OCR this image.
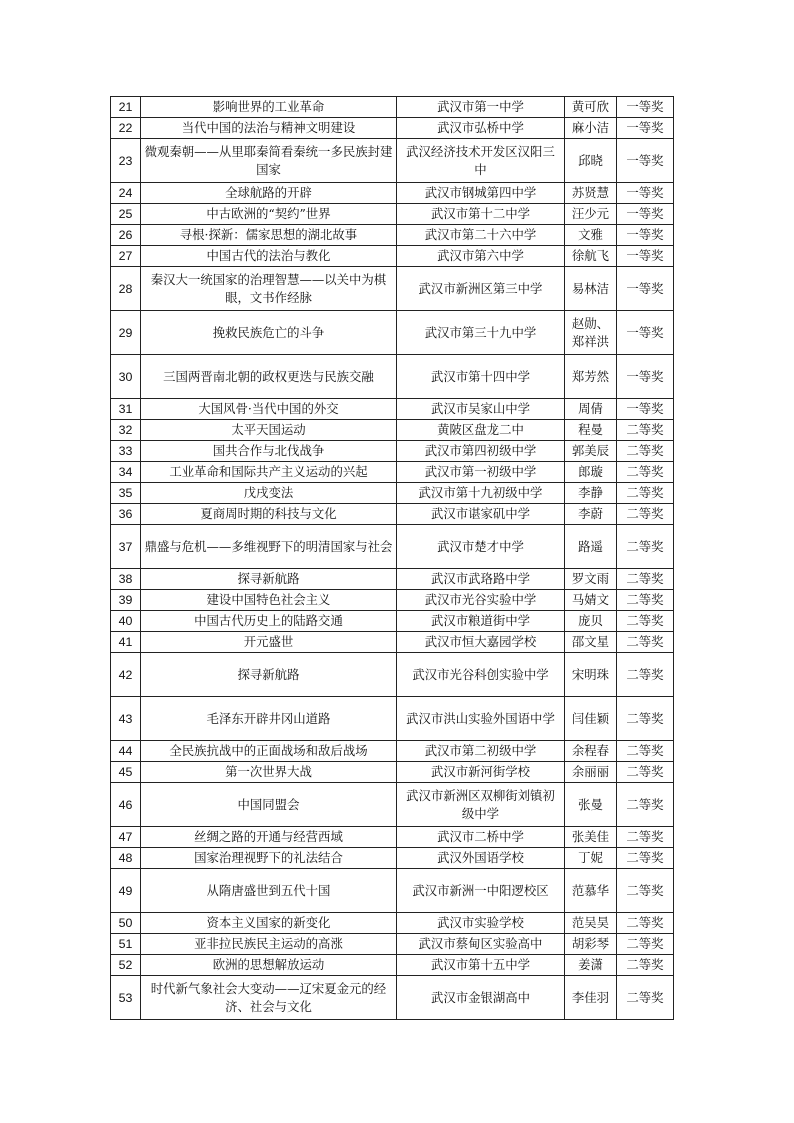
21	影响世界的工业革命	武汉市第一中学	黄可欣	一等奖
22	当代中国的法治与精神文明建设	武汉市弘桥中学	麻小洁	一等奖
23	微观秦朝——从里耶秦简看秦统一多民族封建国家	武汉经济技术开发区汉阳三中	邱晓	一等奖
24	全球航路的开辟	武汉市钢城第四中学	苏贤慧	一等奖
25	中古欧洲的“契约”世界	武汉市第十二中学	汪少元	一等奖
26	寻根·探新：儒家思想的湖北故事	武汉市第二十六中学	文雅	一等奖
27	中国古代的法治与教化	武汉市第六中学	徐航飞	一等奖
28	秦汉大一统国家的治理智慧——以关中为棋眼，文书作经脉	武汉市新洲区第三中学	易林洁	一等奖
29	挽救民族危亡的斗争	武汉市第三十九中学	赵勋、郑祥洪	一等奖
30	三国两晋南北朝的政权更迭与民族交融	武汉市第十四中学	郑芳然	一等奖
31	大国风骨·当代中国的外交	武汉市吴家山中学	周倩	一等奖
32	太平天国运动	黄陂区盘龙二中	程曼	二等奖
33	国共合作与北伐战争	武汉市第四初级中学	郭美辰	二等奖
34	工业革命和国际共产主义运动的兴起	武汉市第一初级中学	郎璇	二等奖
35	戊戌变法	武汉市第十九初级中学	李静	二等奖
36	夏商周时期的科技与文化	武汉市谌家矶中学	李蔚	二等奖
37	鼎盛与危机——多维视野下的明清国家与社会	武汉市楚才中学	路遥	二等奖
38	探寻新航路	武汉市武珞路中学	罗文雨	二等奖
39	建设中国特色社会主义	武汉市光谷实验中学	马婧文	二等奖
40	中国古代历史上的陆路交通	武汉市粮道街中学	庞贝	二等奖
41	开元盛世	武汉市恒大嘉园学校	邵文星	二等奖
42	探寻新航路	武汉市光谷科创实验中学	宋明珠	二等奖
43	毛泽东开辟井冈山道路	武汉市洪山实验外国语中学	闫佳颖	二等奖
44	全民族抗战中的正面战场和敌后战场	武汉市第二初级中学	余程春	二等奖
45	第一次世界大战	武汉市新河街学校	余丽丽	二等奖
46	中国同盟会	武汉市新洲区双柳街刘镇初级中学	张曼	二等奖
47	丝绸之路的开通与经营西域	武汉市二桥中学	张美佳	二等奖
48	国家治理视野下的礼法结合	武汉外国语学校	丁妮	二等奖
49	从隋唐盛世到五代十国	武汉市新洲一中阳逻校区	范慕华	二等奖
50	资本主义国家的新变化	武汉市实验学校	范吴昊	二等奖
51	亚非拉民族民主运动的高涨	武汉市蔡甸区实验高中	胡彩琴	二等奖
52	欧洲的思想解放运动	武汉市第十五中学	姜潇	二等奖
53	时代新气象社会大变动——辽宋夏金元的经济、社会与文化	武汉市金银湖高中	李佳羽	二等奖
